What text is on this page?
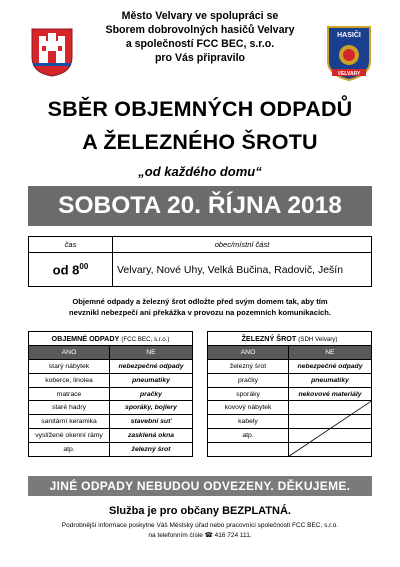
Město Velvary ve spolupráci se
Sborem dobrovolných hasičů Velvary
a společností FCC BEC, s.r.o.
pro Vás připravilo
HASIČI
VELVARY
SBĚR OBJEMNÝCH ODPADŮ
A ŽELEZNÉHO ŠROTU
„od každého domu“
SOBOTA 20. ŘÍJNA 2018
čas	obec/místní část
od $8^{00}$	Velvary, Nové Uhy, Velká Bučina, Radovič, Ješín
Objemné odpady a železný šrot odložte před svým domem tak, aby tím
nevznikl nebezpečí ani překážka v provozu na pozemních komunikacích.
OBJEMNÉ ODPADY (FCC BEC, s.r.o.)	
ANO	NE
starý nábytek	nebezpečné odpady
koberce, linolea	pneumatiky
matrace	pračky
staré hadry	sporáky, bojlery
sanitární keramika	stavební suť
vyslížené okenní rámy	zasklená okna
atp.	železný šrot
ŽELEZNÝ ŠROT (SDH Velvary)	
ANO	NE
železný šrot	nebezpečné odpady
pračky	pneumatiky
sporáky	nekovové materiály
kovový nábytek	
kabely	
atp.	

JINÉ ODPADY NEBUDOU ODVEZENY. DĚKUJEME.
Služba je pro občany BEZPLATNÁ.
Podrobnější informace poskytne Váš Městský úřad nebo pracovníci společnosti FCC BEC, s.r.o.
na telefonním čísle ☎ 416 724 111.
